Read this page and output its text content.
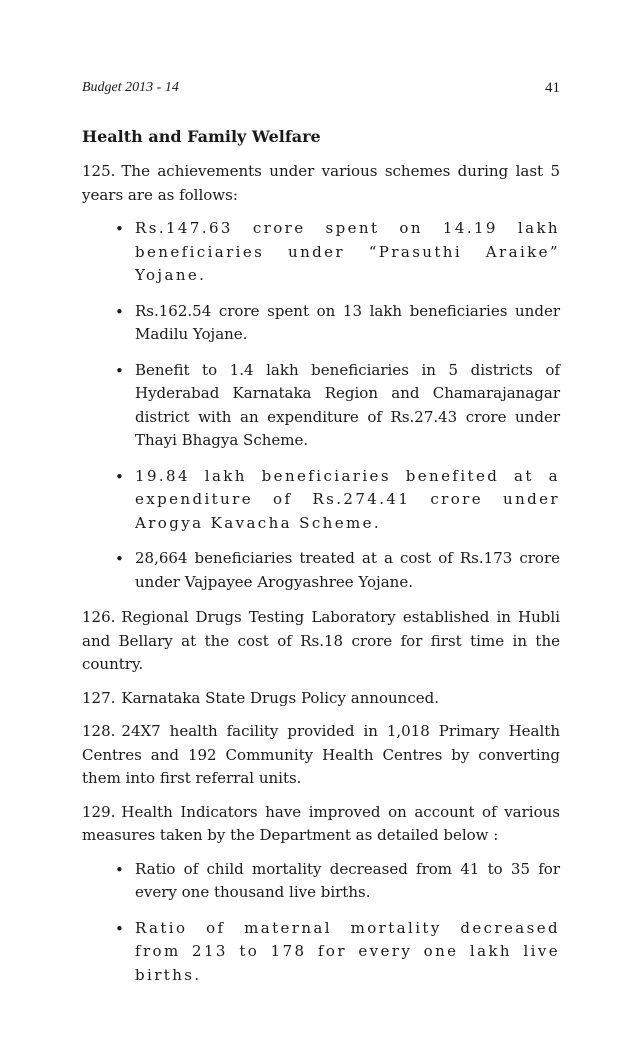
Budget 2013 - 14	41
Health and Family Welfare

125. The achievements under various schemes during last 5 years are as follows:

• Rs.147.63 crore spent on 14.19 lakh beneficiaries under “Prasuthi Araike” Yojane.
• Rs.162.54 crore spent on 13 lakh beneficiaries under Madilu Yojane.
• Benefit to 1.4 lakh beneficiaries in 5 districts of Hyderabad Karnataka Region and Chamarajanagar district with an expenditure of Rs.27.43 crore under Thayi Bhagya Scheme.
• 19.84 lakh beneficiaries benefited at a expenditure of Rs.274.41 crore under Arogya Kavacha Scheme.
• 28,664 beneficiaries treated at a cost of Rs.173 crore under Vajpayee Arogyashree Yojane.

126. Regional Drugs Testing Laboratory established in Hubli and Bellary at the cost of Rs.18 crore for first time in the country.

127. Karnataka State Drugs Policy announced.

128. 24X7 health facility provided in 1,018 Primary Health Centres and 192 Community Health Centres by converting them into first referral units.

129. Health Indicators have improved on account of various measures taken by the Department as detailed below :

• Ratio of child mortality decreased from 41 to 35 for every one thousand live births.
• Ratio of maternal mortality decreased from 213 to 178 for every one lakh live births.
